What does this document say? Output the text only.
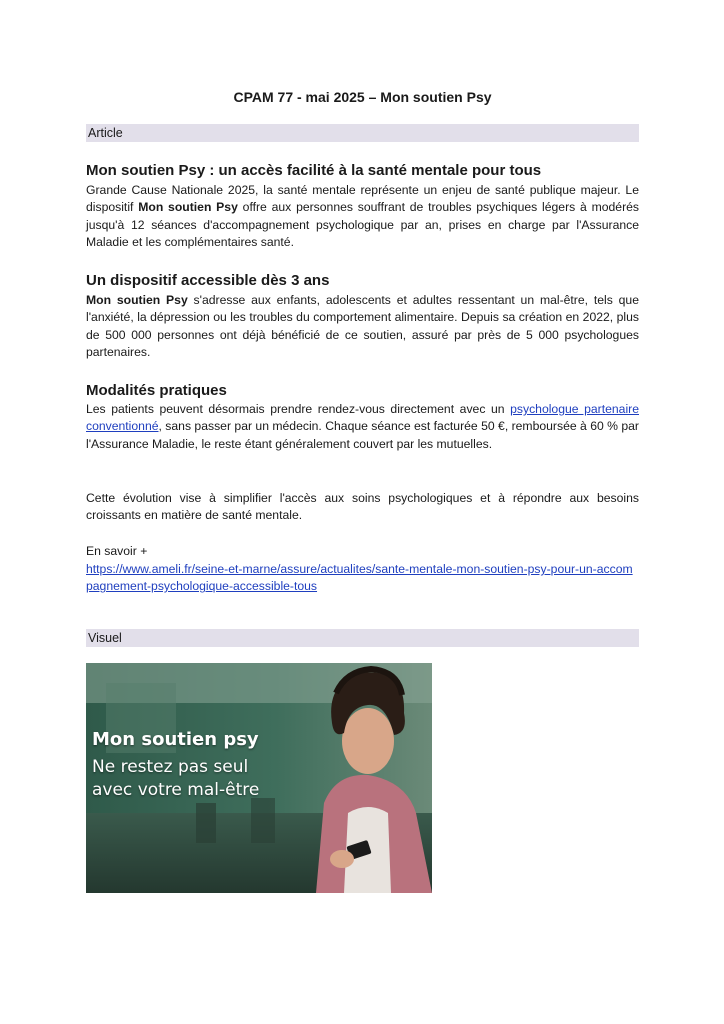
CPAM 77 - mai 2025 – Mon soutien Psy
Article
Mon soutien Psy : un accès facilité à la santé mentale pour tous

Grande Cause Nationale 2025, la santé mentale représente un enjeu de santé publique majeur. Le dispositif Mon soutien Psy offre aux personnes souffrant de troubles psychiques légers à modérés jusqu'à 12 séances d'accompagnement psychologique par an, prises en charge par l'Assurance Maladie et les complémentaires santé.

Un dispositif accessible dès 3 ans

Mon soutien Psy s'adresse aux enfants, adolescents et adultes ressentant un mal-être, tels que l'anxiété, la dépression ou les troubles du comportement alimentaire. Depuis sa création en 2022, plus de 500 000 personnes ont déjà bénéficié de ce soutien, assuré par près de 5 000 psychologues partenaires.

Modalités pratiques

Les patients peuvent désormais prendre rendez-vous directement avec un psychologue partenaire conventionné, sans passer par un médecin. Chaque séance est facturée 50 €, remboursée à 60 % par l'Assurance Maladie, le reste étant généralement couvert par les mutuelles.

Cette évolution vise à simplifier l'accès aux soins psychologiques et à répondre aux besoins croissants en matière de santé mentale.

En savoir +

https://www.ameli.fr/seine-et-marne/assure/actualites/sante-mentale-mon-soutien-psy-pour-un-accompagnement-psychologique-accessible-tous
Visuel
Mon soutien psy
Ne restez pas seul
avec votre mal-être
